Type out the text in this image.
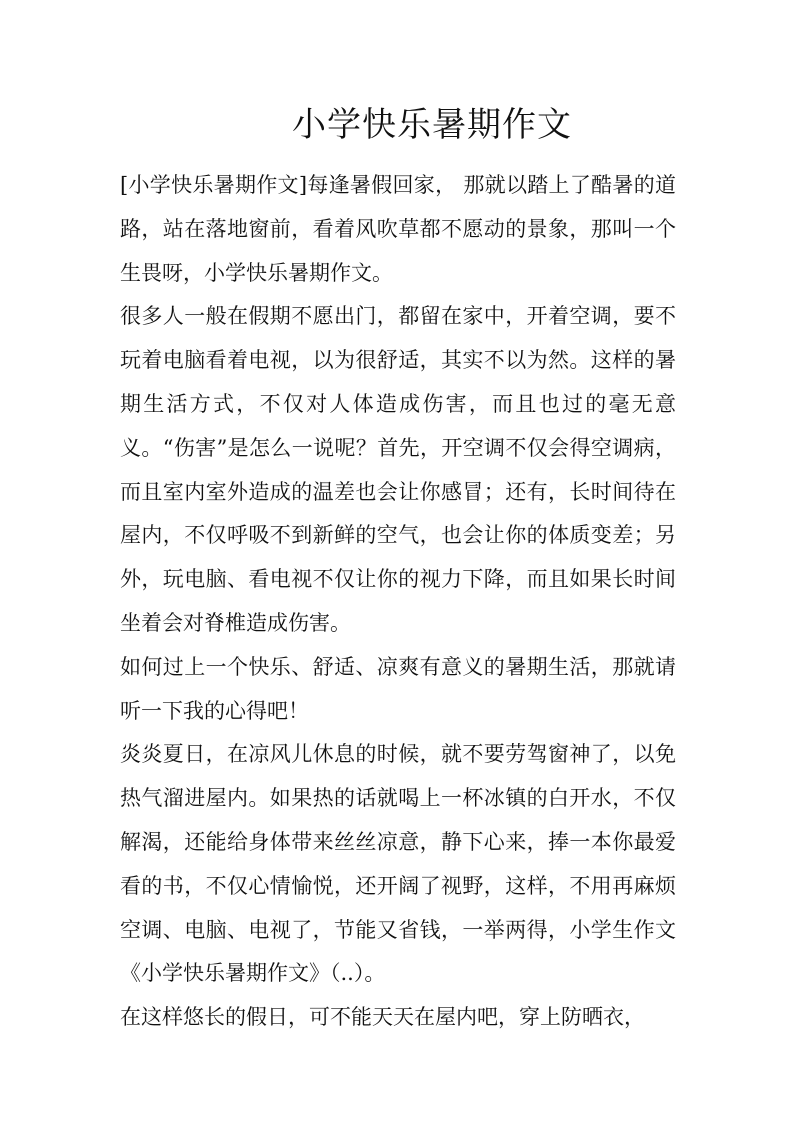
小学快乐暑期作文

[小学快乐暑期作文]每逢暑假回家， 那就以踏上了酷暑的道路，站在落地窗前，看着风吹草都不愿动的景象，那叫一个生畏呀，小学快乐暑期作文。

很多人一般在假期不愿出门，都留在家中，开着空调，要不玩着电脑看着电视，以为很舒适，其实不以为然。这样的暑期生活方式，不仅对人体造成伤害，而且也过的毫无意义。“伤害”是怎么一说呢？首先，开空调不仅会得空调病，而且室内室外造成的温差也会让你感冒；还有，长时间待在屋内，不仅呼吸不到新鲜的空气，也会让你的体质变差；另外，玩电脑、看电视不仅让你的视力下降，而且如果长时间坐着会对脊椎造成伤害。

如何过上一个快乐、舒适、凉爽有意义的暑期生活，那就请听一下我的心得吧！

炎炎夏日，在凉风儿休息的时候，就不要劳驾窗神了，以免热气溜进屋内。如果热的话就喝上一杯冰镇的白开水，不仅解渴，还能给身体带来丝丝凉意，静下心来，捧一本你最爱看的书，不仅心情愉悦，还开阔了视野，这样，不用再麻烦空调、电脑、电视了，节能又省钱，一举两得，小学生作文《小学快乐暑期作文》（..）。

在这样悠长的假日，可不能天天在屋内吧，穿上防晒衣，
